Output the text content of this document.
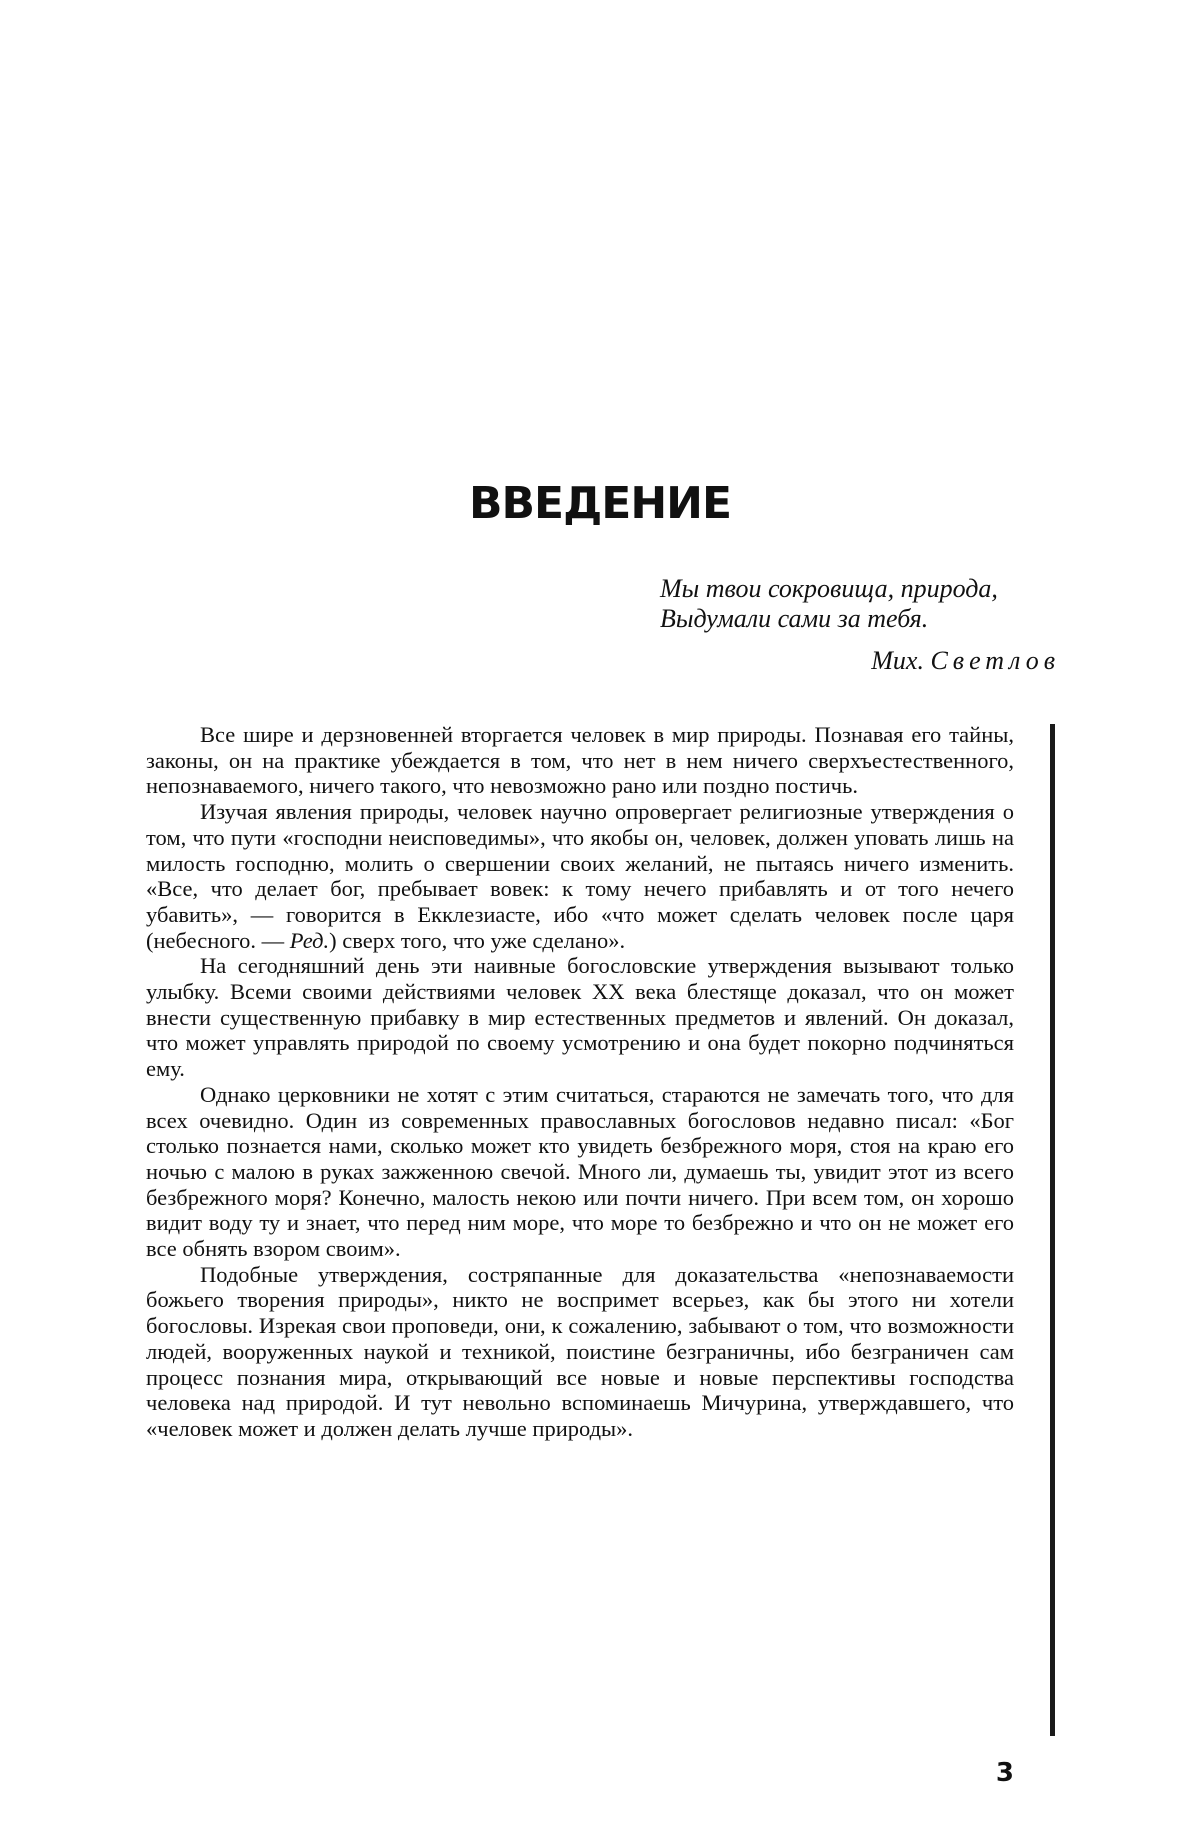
ВВЕДЕНИЕ
Мы твои сокровища, природа,
Выдумали сами за тебя.
Мих. Светлов

Все шире и дерзновенней вторгается человек в мир природы. Познавая его тайны, законы, он на практике убеждается в том, что нет в нем ничего сверхъестественного, непознаваемого, ничего такого, что невозможно рано или поздно постичь.

Изучая явления природы, человек научно опровергает религиозные утверждения о том, что пути «господни неисповедимы», что якобы он, человек, должен уповать лишь на милость господню, молить о свершении своих желаний, не пытаясь ничего изменить. «Все, что делает бог, пребывает вовек: к тому нечего прибавлять и от того нечего убавить», — говорится в Екклезиасте, ибо «что может сделать человек после царя (небесного. — Ред.) сверх того, что уже сделано».

На сегодняшний день эти наивные богословские утверждения вызывают только улыбку. Всеми своими действиями человек XX века блестяще доказал, что он может внести существенную прибавку в мир естественных предметов и явлений. Он доказал, что может управлять природой по своему усмотрению и она будет покорно подчиняться ему.

Однако церковники не хотят с этим считаться, стараются не замечать того, что для всех очевидно. Один из современных православных богословов недавно писал: «Бог столько познается нами, сколько может кто увидеть безбрежного моря, стоя на краю его ночью с малою в руках зажженною свечой. Много ли, думаешь ты, увидит этот из всего безбрежного моря? Конечно, малость некою или почти ничего. При всем том, он хорошо видит воду ту и знает, что перед ним море, что море то безбрежно и что он не может его все обнять взором своим».

Подобные утверждения, состряпанные для доказательства «непознаваемости божьего творения природы», никто не воспримет всерьез, как бы этого ни хотели богословы. Изрекая свои проповеди, они, к сожалению, забывают о том, что возможности людей, вооруженных наукой и техникой, поистине безграничны, ибо безграничен сам процесс познания мира, открывающий все новые и новые перспективы господства человека над природой. И тут невольно вспоминаешь Мичурина, утверждавшего, что «человек может и должен делать лучше природы».

3
